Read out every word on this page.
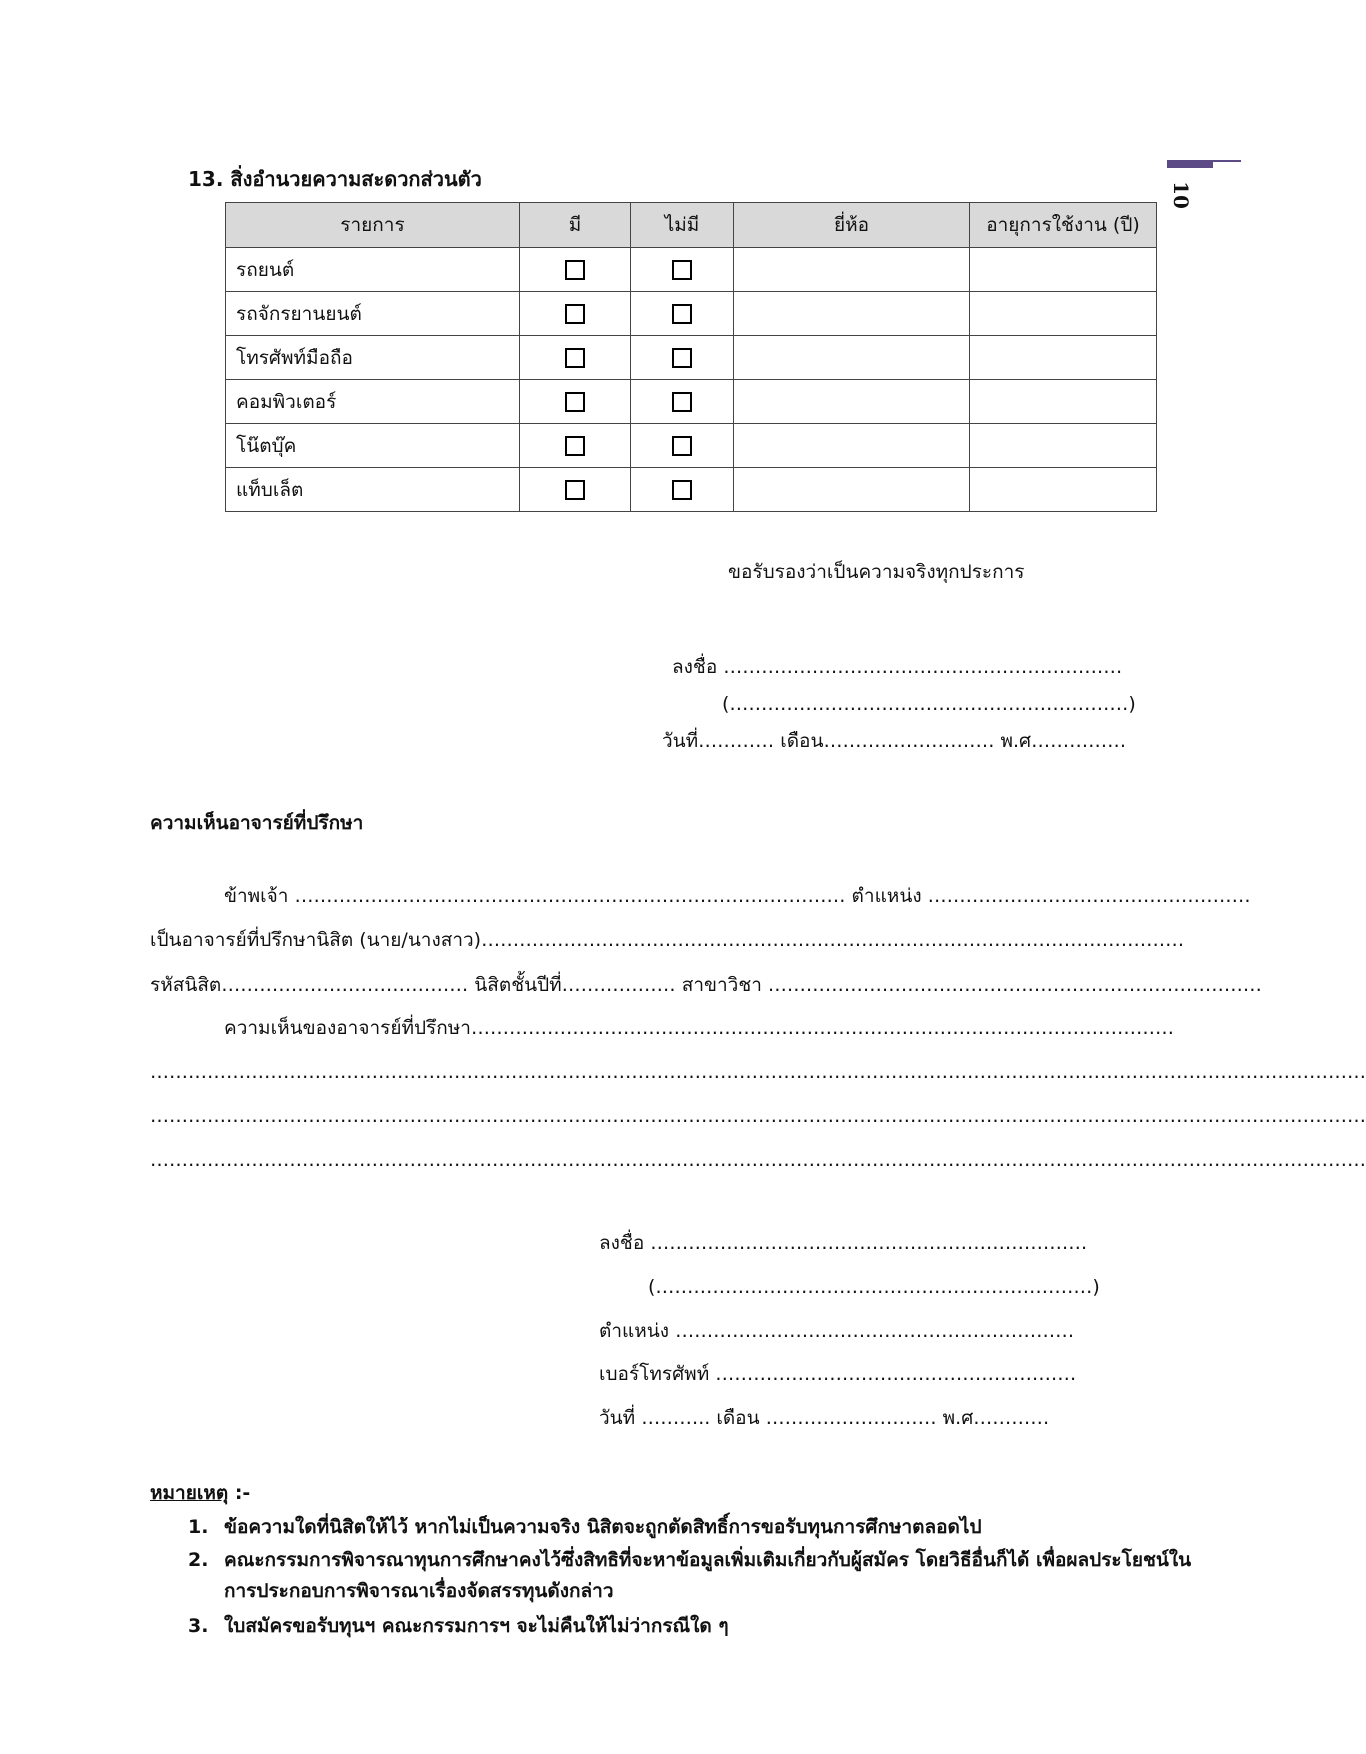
10
13. สิ่งอำนวยความสะดวกส่วนตัว
รายการ	มี	ไม่มี	ยี่ห้อ	อายุการใช้งาน (ปี)
รถยนต์				
รถจักรยานยนต์				
โทรศัพท์มือถือ				
คอมพิวเตอร์				
โน๊ตบุ๊ค				
แท็บเล็ต				
ขอรับรองว่าเป็นความจริงทุกประการ
ลงชื่อ ………………………………………………………
(………………………………………………………)
วันที่………… เดือน……………………… พ.ศ……………
ความเห็นอาจารย์ที่ปรึกษา
ข้าพเจ้า …………………………………………………………………………… ตำแหน่ง ……………………………………………
เป็นอาจารย์ที่ปรึกษานิสิต (นาย/นางสาว)…………………………………………………………………………………………………
รหัสนิสิต………………………………… นิสิตชั้นปีที่……………… สาขาวิชา ……………………………………………………………………
ความเห็นของอาจารย์ที่ปรึกษา…………………………………………………………………………………………………
…………………………………………………………………………………………………………………………………………………………………………
…………………………………………………………………………………………………………………………………………………………………………
…………………………………………………………………………………………………………………………………………………………………………
ลงชื่อ ……………………………………………………………
(……………………………………………………………)
ตำแหน่ง ………………………………………………………
เบอร์โทรศัพท์ …………………………………………………
วันที่ ……….. เดือน ……………………… พ.ศ…………
หมายเหตุ :-
1. ข้อความใดที่นิสิตให้ไว้ หากไม่เป็นความจริง นิสิตจะถูกตัดสิทธิ์การขอรับทุนการศึกษาตลอดไป
2. คณะกรรมการพิจารณาทุนการศึกษาคงไว้ซึ่งสิทธิที่จะหาข้อมูลเพิ่มเติมเกี่ยวกับผู้สมัคร โดยวิธีอื่นก็ได้ เพื่อผลประโยชน์ใน
การประกอบการพิจารณาเรื่องจัดสรรทุนดังกล่าว
3. ใบสมัครขอรับทุนฯ คณะกรรมการฯ จะไม่คืนให้ไม่ว่ากรณีใด ๆ
